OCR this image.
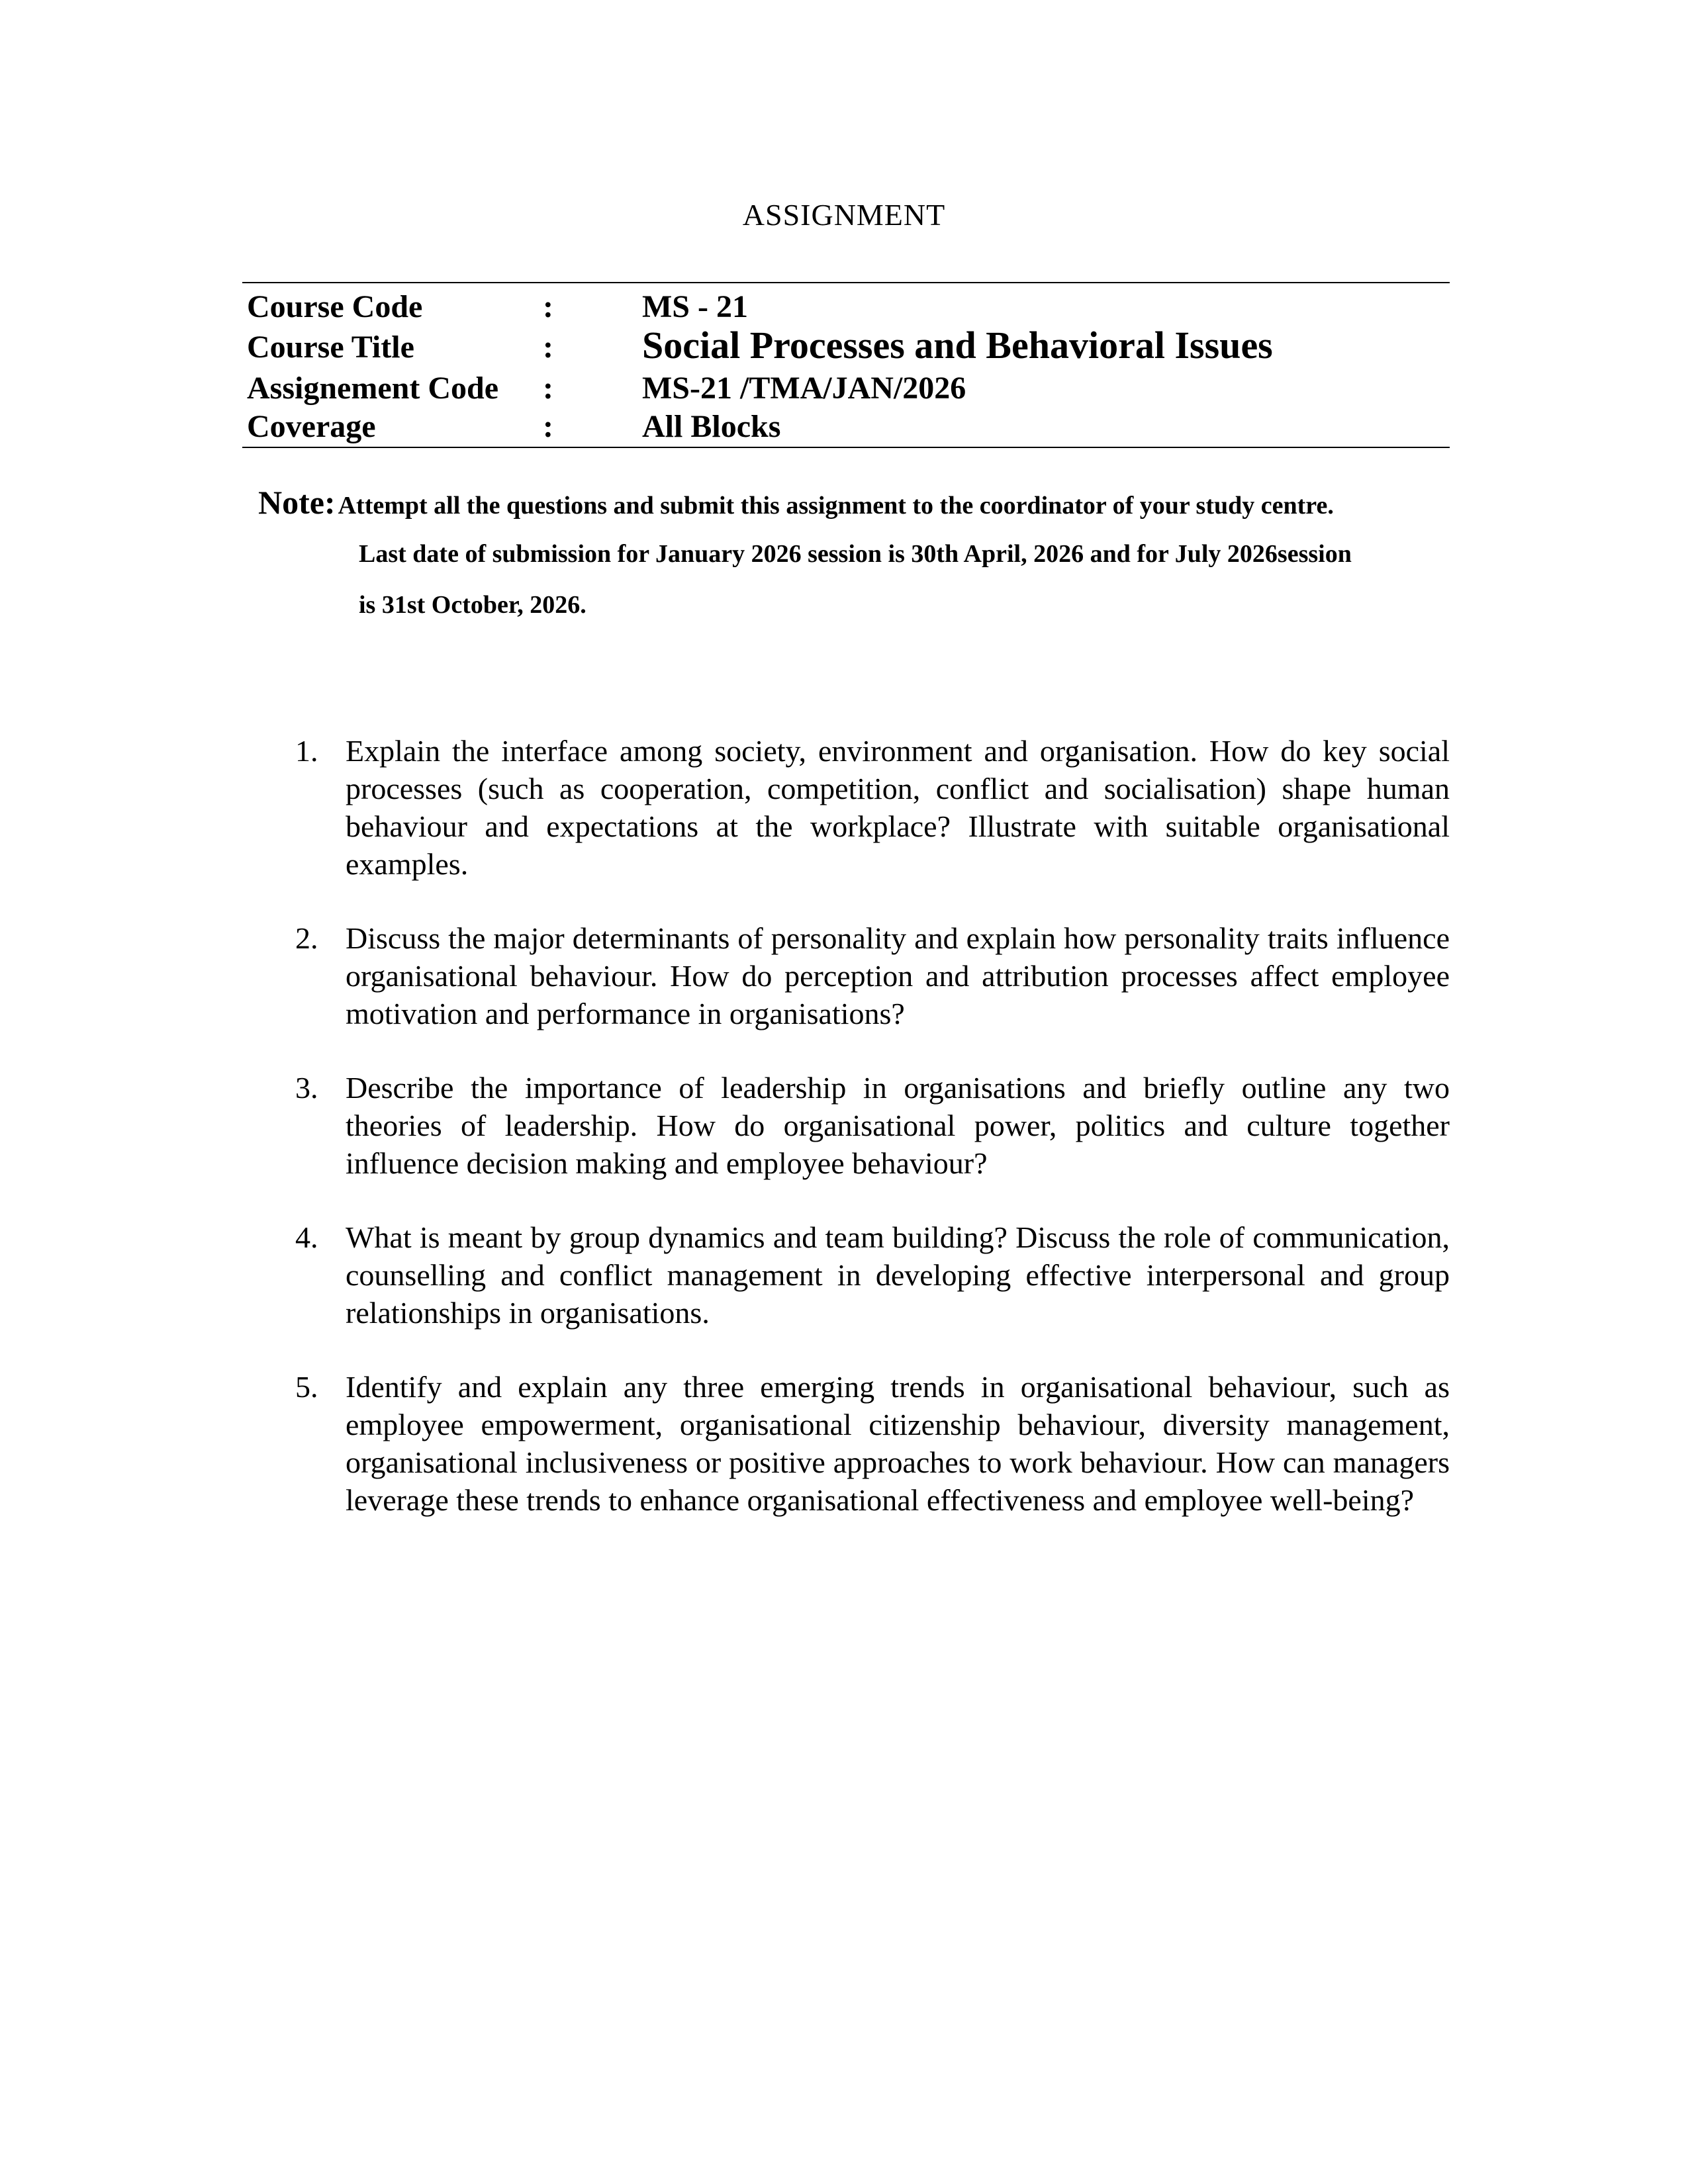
ASSIGNMENT
Course Code	:	MS - 21
Course Title	: Social Processes and Behavioral Issues
Assignement Code :	MS-21 /TMA/JAN/2026
Coverage	:	All Blocks
Note: Attempt all the questions and submit this assignment to the coordinator of your study centre.
Last date of submission for January 2026 session is 30th April, 2026 and for July 2026session
is 31st October, 2026.
1. Explain the interface among society, environment and organisation. How do key social processes (such as cooperation, competition, conflict and socialisation) shape human behaviour and expectations at the workplace? Illustrate with suitable organisational examples.
2. Discuss the major determinants of personality and explain how personality traits influence organisational behaviour. How do perception and attribution processes affect employee motivation and performance in organisations?
3. Describe the importance of leadership in organisations and briefly outline any two theories of leadership. How do organisational power, politics and culture together influence decision making and employee behaviour?
4. What is meant by group dynamics and team building? Discuss the role of communication, counselling and conflict management in developing effective interpersonal and group relationships in organisations.
5. Identify and explain any three emerging trends in organisational behaviour, such as employee empowerment, organisational citizenship behaviour, diversity management, organisational inclusiveness or positive approaches to work behaviour. How can managers leverage these trends to enhance organisational effectiveness and employee well-being?
